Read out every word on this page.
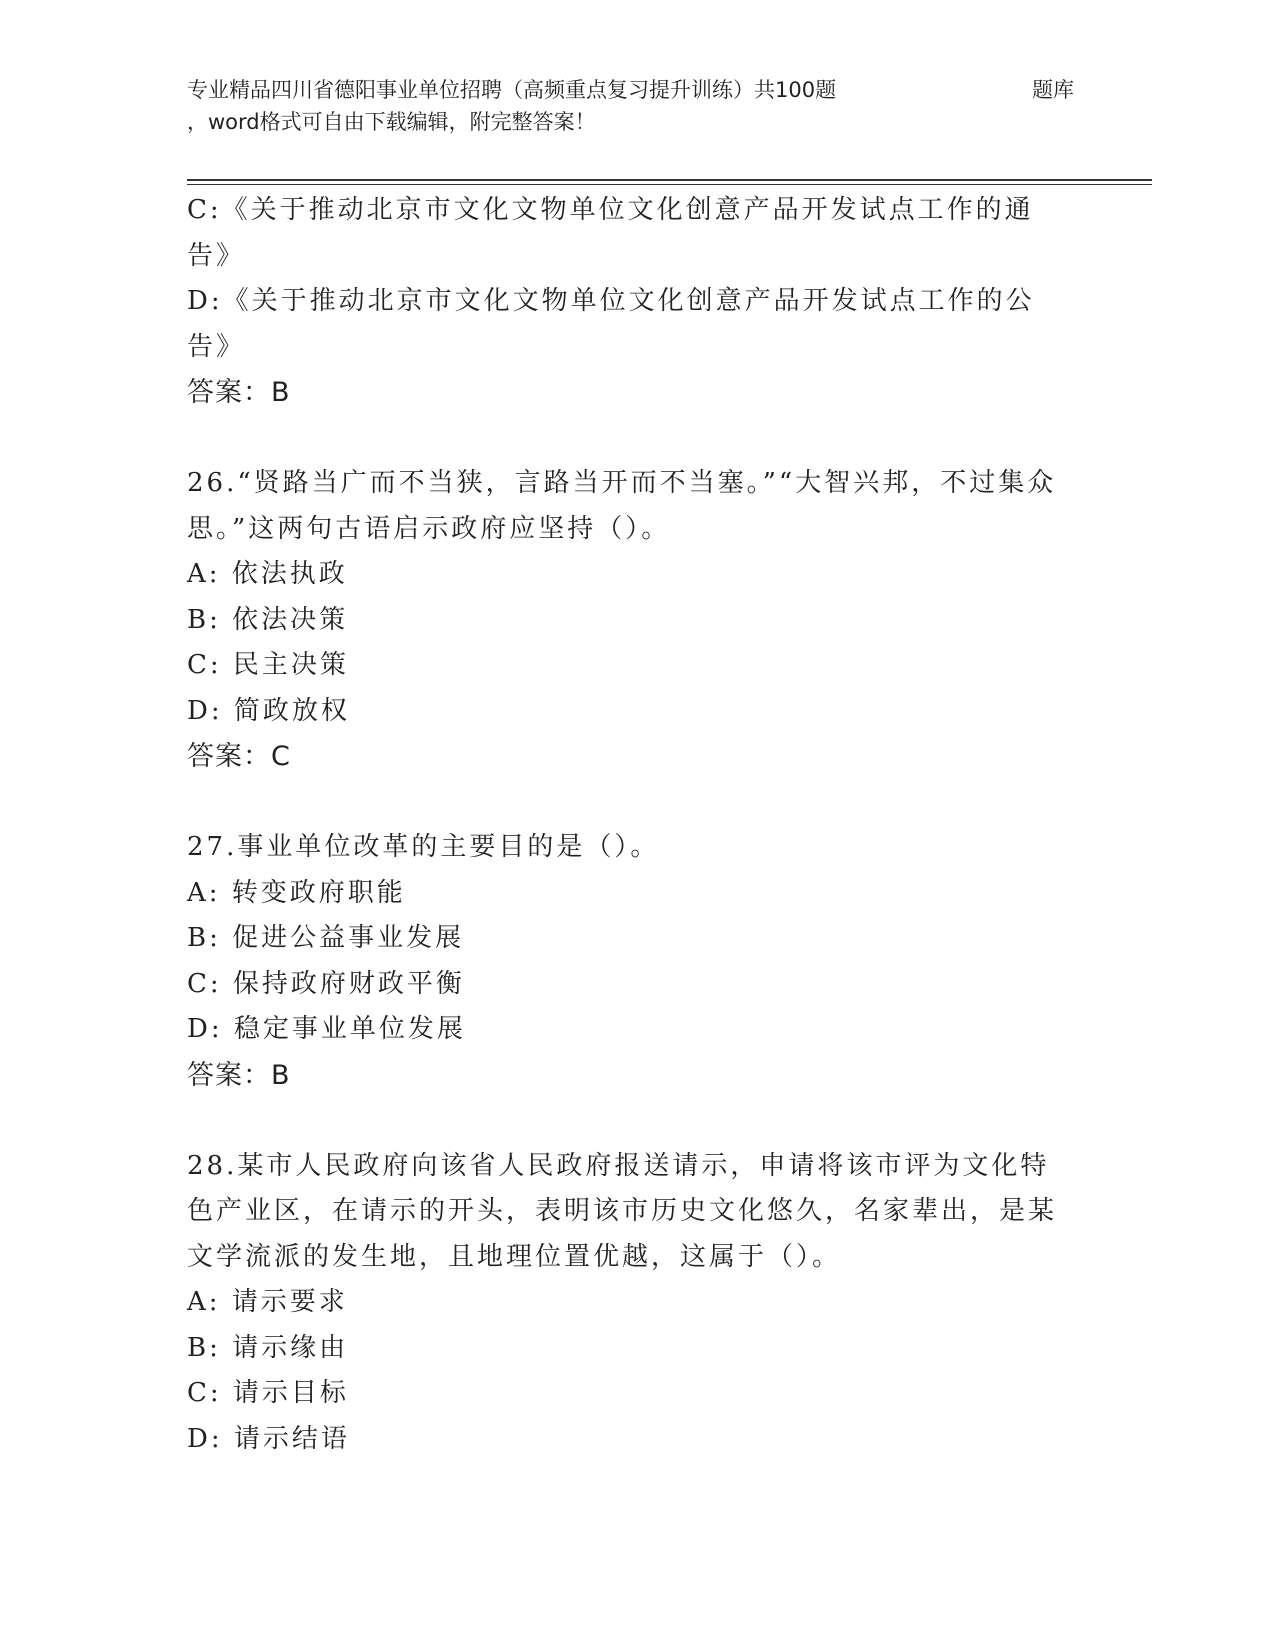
专业精品四川省德阳事业单位招聘（高频重点复习提升训练）共100题	题库
，word格式可自由下载编辑，附完整答案！

C:《关于推动北京市文化文物单位文化创意产品开发试点工作的通告》

D:《关于推动北京市文化文物单位文化创意产品开发试点工作的公告》

答案：B

26.“贤路当广而不当狭，言路当开而不当塞。”“大智兴邦，不过集众思。”这两句古语启示政府应坚持（）。

A: 依法执政

B: 依法决策

C: 民主决策

D: 简政放权

答案：C

27.事业单位改革的主要目的是（）。

A: 转变政府职能

B: 促进公益事业发展

C: 保持政府财政平衡

D: 稳定事业单位发展

答案：B

28.某市人民政府向该省人民政府报送请示，申请将该市评为文化特色产业区，在请示的开头，表明该市历史文化悠久，名家辈出，是某文学流派的发生地，且地理位置优越，这属于（）。

A: 请示要求

B: 请示缘由

C: 请示目标

D: 请示结语
